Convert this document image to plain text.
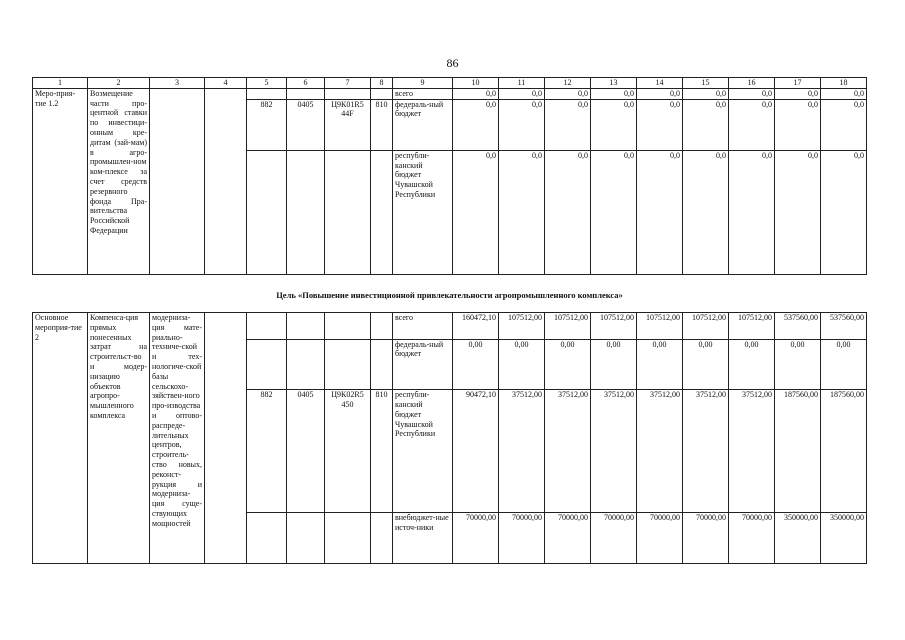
86
1	2	3	4	5	6	7	8	9	10	11	12	13	14	15	16	17	18
Меро-прия-тие 1.2	Возмещение части про-центной ставки по инвестици-онным кре-дитам (зай-мам) в агро-промышлен-ном ком-плексе за счет средств резервного фонда Пра-вительства Российской Федерации							всего	0,0	0,0	0,0	0,0	0,0	0,0	0,0	0,0	0,0
				882	0405	Ц9К01R5 44F	810	федераль-ный бюджет	0,0	0,0	0,0	0,0	0,0	0,0	0,0	0,0	0,0
								республи-канский бюджет Чувашской Республики	0,0	0,0	0,0	0,0	0,0	0,0	0,0	0,0	0,0
Цель «Повышение инвестиционной привлекательности агропромышленного комплекса»
Основное мероприя-тие 2	Компенса-ция прямых понесенных затрат на строительст-во и модер-низацию объектов агропро-мышленного комплекса	модерниза-ция мате-риально-техниче-ской и тех-нологиче-ской базы сельскохо-зяйствен-ного про-изводства и оптово-распреде-лительных центров, строитель-ство новых, реконст-рукция и модерниза-ция суще-ствующих мощностей						всего	160472,10	107512,00	107512,00	107512,00	107512,00	107512,00	107512,00	537560,00	537560,00
								федераль-ный бюджет	0,00	0,00	0,00	0,00	0,00	0,00	0,00	0,00	0,00
				882	0405	Ц9К02R5 450	810	республи-канский бюджет Чувашской Республики	90472,10	37512,00	37512,00	37512,00	37512,00	37512,00	37512,00	187560,00	187560,00
								внебюджет-ные источ-ники	70000,00	70000,00	70000,00	70000,00	70000,00	70000,00	70000,00	350000,00	350000,00
